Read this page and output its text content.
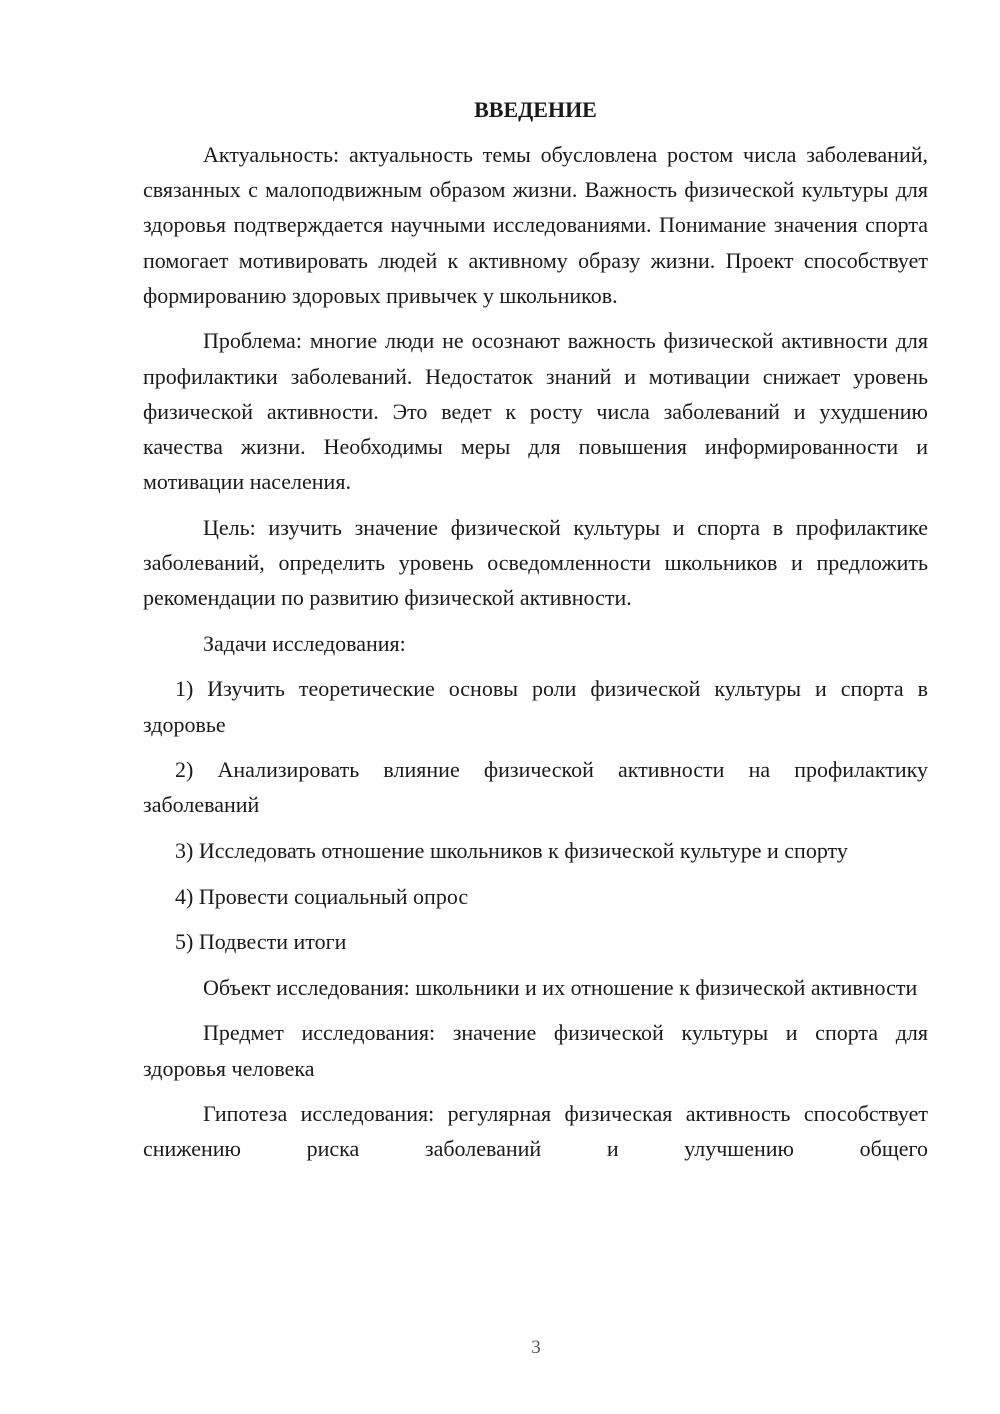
ВВЕДЕНИЕ

Актуальность: актуальность темы обусловлена ростом числа заболеваний, связанных с малоподвижным образом жизни. Важность физической культуры для здоровья подтверждается научными исследованиями. Понимание значения спорта помогает мотивировать людей к активному образу жизни. Проект способствует формированию здоровых привычек у школьников.

Проблема: многие люди не осознают важность физической активности для профилактики заболеваний. Недостаток знаний и мотивации снижает уровень физической активности. Это ведет к росту числа заболеваний и ухудшению качества жизни. Необходимы меры для повышения информированности и мотивации населения.

Цель: изучить значение физической культуры и спорта в профилактике заболеваний, определить уровень осведомленности школьников и предложить рекомендации по развитию физической активности.

Задачи исследования:

1) Изучить теоретические основы роли физической культуры и спорта в здоровье

2) Анализировать влияние физической активности на профилактику заболеваний

3) Исследовать отношение школьников к физической культуре и спорту

4) Провести социальный опрос

5) Подвести итоги

Объект исследования: школьники и их отношение к физической активности

Предмет исследования: значение физической культуры и спорта для здоровья человека

Гипотеза исследования: регулярная физическая активность способствует снижению риска заболеваний и улучшению общего

3
